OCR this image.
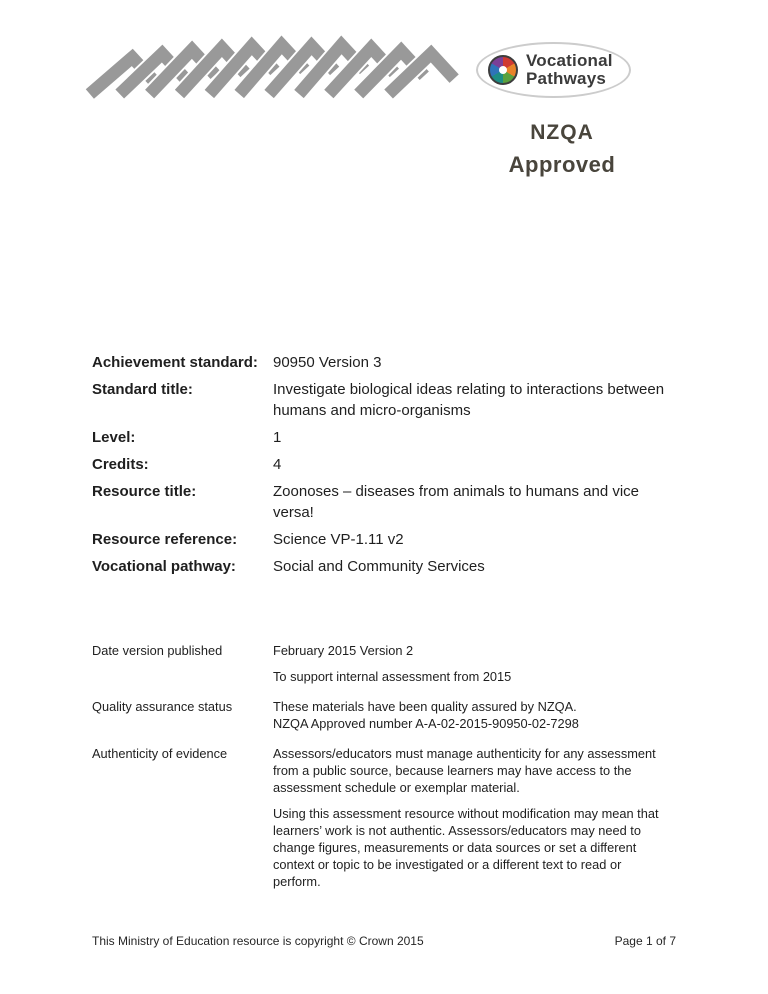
Vocational
Pathways
NZQA
Approved
Achievement standard:	90950 Version 3
Standard title:	Investigate biological ideas relating to interactions between humans and micro-organisms
Level:	1
Credits:	4
Resource title:	Zoonoses – diseases from animals to humans and vice versa!
Resource reference:	Science VP-1.11 v2
Vocational pathway:	Social and Community Services
Date version published	February 2015 Version 2

To support internal assessment from 2015

Quality assurance status	These materials have been quality assured by NZQA.
NZQA Approved number A-A-02-2015-90950-02-7298
Authenticity of evidence	Assessors/educators must manage authenticity for any assessment from a public source, because learners may have access to the assessment schedule or exemplar material.

Using this assessment resource without modification may mean that learners’ work is not authentic. Assessors/educators may need to change figures, measurements or data sources or set a different context or topic to be investigated or a different text to read or perform.

This Ministry of Education resource is copyright © Crown 2015	Page 1 of 7
